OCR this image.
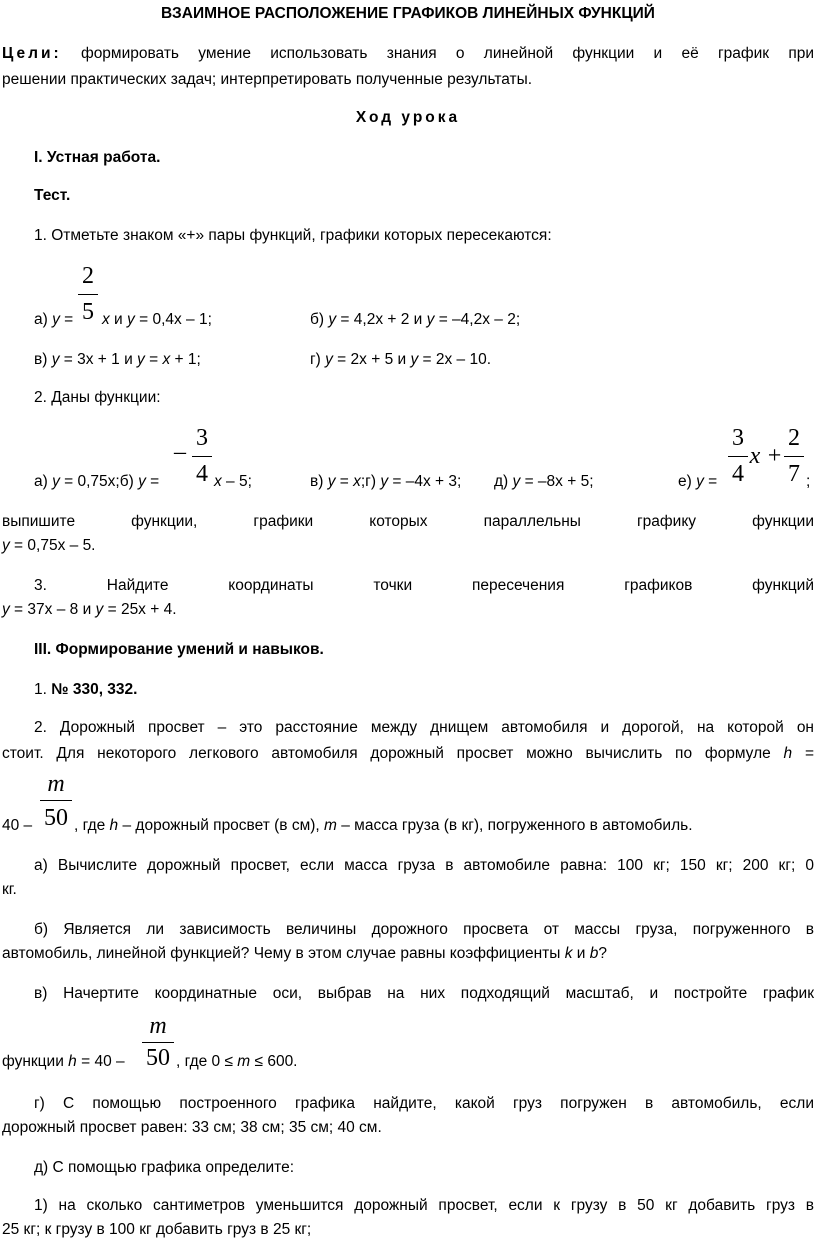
ВЗАИМНОЕ РАСПОЛОЖЕНИЕ ГРАФИКОВ ЛИНЕЙНЫХ ФУНКЦИЙ
Цели: формировать умение использовать знания о линейной функции и её график при
решении практических задач; интерпретировать полученные результаты.
Ход урока
I. Устная работа.
Тест.
1. Отметьте знаком «+» пары функций, графики которых пересекаются:
2
5
а) y = x и y = 0,4x – 1;	б) y = 4,2x + 2 и y = –4,2x – 2;
в) y = 3x + 1 и y = x + 1;	г) y = 2x + 5 и y = 2x – 10.
2. Даны функции:
а) y = 0,75x;б) y =
–
3
4 x – 5;	в) y = x;г) y = –4x + 3; д) y = –8x + 5;	е) y =
3
4
x +
2
7 ;
выпишите функции, графики которых параллельны графику функции
y = 0,75x – 5.
3. Найдите координаты точки пересечения графиков функций
y = 37x – 8 и y = 25x + 4.
III. Формирование умений и навыков.
1. № 330, 332.
2. Дорожный просвет – это расстояние между днищем автомобиля и дорогой, на которой он
стоит. Для некоторого легкового автомобиля дорожный просвет можно вычислить по формуле h =
m
50
40 –	, где h – дорожный просвет (в см), m – масса груза (в кг), погруженного в автомобиль.
а) Вычислите дорожный просвет, если масса груза в автомобиле равна: 100 кг; 150 кг; 200 кг; 0
кг.
б) Является ли зависимость величины дорожного просвета от массы груза, погруженного в
автомобиль, линейной функцией? Чему в этом случае равны коэффициенты k и b?
в) Начертите координатные оси, выбрав на них подходящий масштаб, и постройте график
m
50
функции h = 40 –	, где 0 ≤ m ≤ 600.
г) С помощью построенного графика найдите, какой груз погружен в автомобиль, если
дорожный просвет равен: 33 см; 38 см; 35 см; 40 см.
д) С помощью графика определите:
1) на сколько сантиметров уменьшится дорожный просвет, если к грузу в 50 кг добавить груз в
25 кг; к грузу в 100 кг добавить груз в 25 кг;
